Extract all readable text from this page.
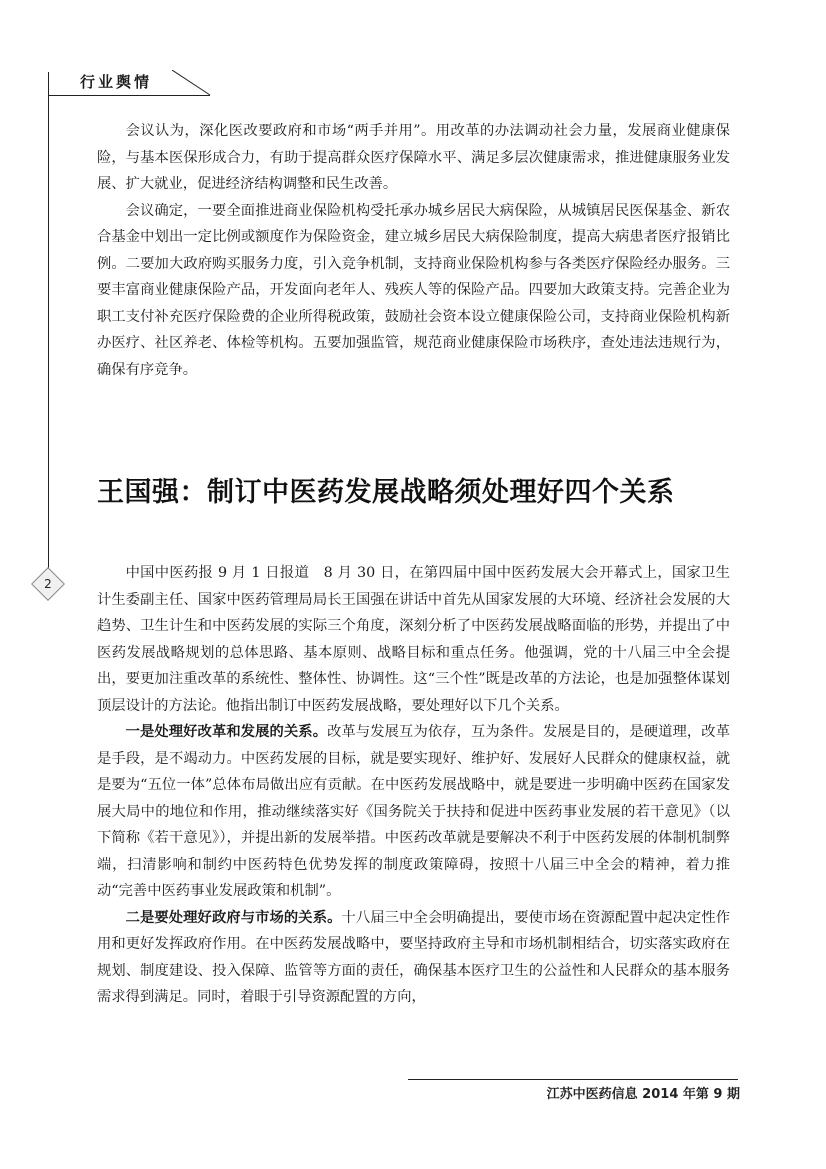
行业舆情
2

会议认为，深化医改要政府和市场“两手并用”。用改革的办法调动社会力量，发展商业健康保险，与基本医保形成合力，有助于提高群众医疗保障水平、满足多层次健康需求，推进健康服务业发展、扩大就业，促进经济结构调整和民生改善。

会议确定，一要全面推进商业保险机构受托承办城乡居民大病保险，从城镇居民医保基金、新农合基金中划出一定比例或额度作为保险资金，建立城乡居民大病保险制度，提高大病患者医疗报销比例。二要加大政府购买服务力度，引入竞争机制，支持商业保险机构参与各类医疗保险经办服务。三要丰富商业健康保险产品，开发面向老年人、残疾人等的保险产品。四要加大政策支持。完善企业为职工支付补充医疗保险费的企业所得税政策，鼓励社会资本设立健康保险公司，支持商业保险机构新办医疗、社区养老、体检等机构。五要加强监管，规范商业健康保险市场秩序，查处违法违规行为，确保有序竞争。

王国强：制订中医药发展战略须处理好四个关系

中国中医药报 9 月 1 日报道　8 月 30 日，在第四届中国中医药发展大会开幕式上，国家卫生计生委副主任、国家中医药管理局局长王国强在讲话中首先从国家发展的大环境、经济社会发展的大趋势、卫生计生和中医药发展的实际三个角度，深刻分析了中医药发展战略面临的形势，并提出了中医药发展战略规划的总体思路、基本原则、战略目标和重点任务。他强调，党的十八届三中全会提出，要更加注重改革的系统性、整体性、协调性。这“三个性”既是改革的方法论，也是加强整体谋划顶层设计的方法论。他指出制订中医药发展战略，要处理好以下几个关系。

一是处理好改革和发展的关系。改革与发展互为依存，互为条件。发展是目的，是硬道理，改革是手段，是不竭动力。中医药发展的目标，就是要实现好、维护好、发展好人民群众的健康权益，就是要为“五位一体”总体布局做出应有贡献。在中医药发展战略中，就是要进一步明确中医药在国家发展大局中的地位和作用，推动继续落实好《国务院关于扶持和促进中医药事业发展的若干意见》（以下简称《若干意见》），并提出新的发展举措。中医药改革就是要解决不利于中医药发展的体制机制弊端，扫清影响和制约中医药特色优势发挥的制度政策障碍，按照十八届三中全会的精神，着力推动“完善中医药事业发展政策和机制”。

二是要处理好政府与市场的关系。十八届三中全会明确提出，要使市场在资源配置中起决定性作用和更好发挥政府作用。在中医药发展战略中，要坚持政府主导和市场机制相结合，切实落实政府在规划、制度建设、投入保障、监管等方面的责任，确保基本医疗卫生的公益性和人民群众的基本服务需求得到满足。同时，着眼于引导资源配置的方向，

江苏中医药信息 2014 年第 9 期
